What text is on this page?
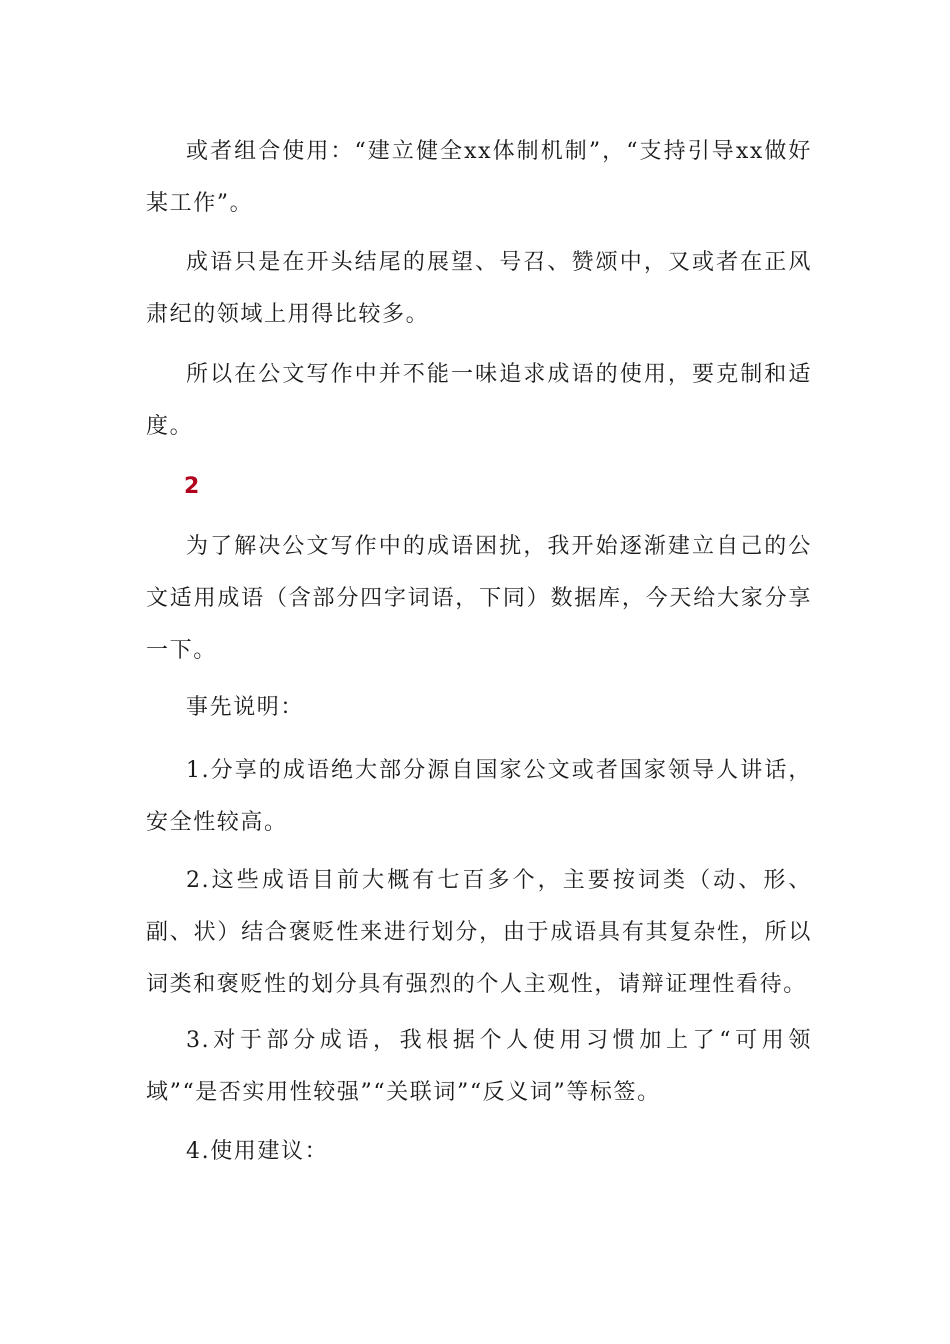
或者组合使用：“建立健全xx体制机制”，“支持引导xx做好某工作”。

成语只是在开头结尾的展望、号召、赞颂中，又或者在正风肃纪的领域上用得比较多。

所以在公文写作中并不能一味追求成语的使用，要克制和适度。

2

为了解决公文写作中的成语困扰，我开始逐渐建立自己的公文适用成语（含部分四字词语，下同）数据库，今天给大家分享一下。

事先说明：

1.分享的成语绝大部分源自国家公文或者国家领导人讲话，安全性较高。

2.这些成语目前大概有七百多个，主要按词类（动、形、副、状）结合褒贬性来进行划分，由于成语具有其复杂性，所以词类和褒贬性的划分具有强烈的个人主观性，请辩证理性看待。

3.对于部分成语，我根据个人使用习惯加上了“可用领域”“是否实用性较强”“关联词”“反义词”等标签。

4.使用建议：
